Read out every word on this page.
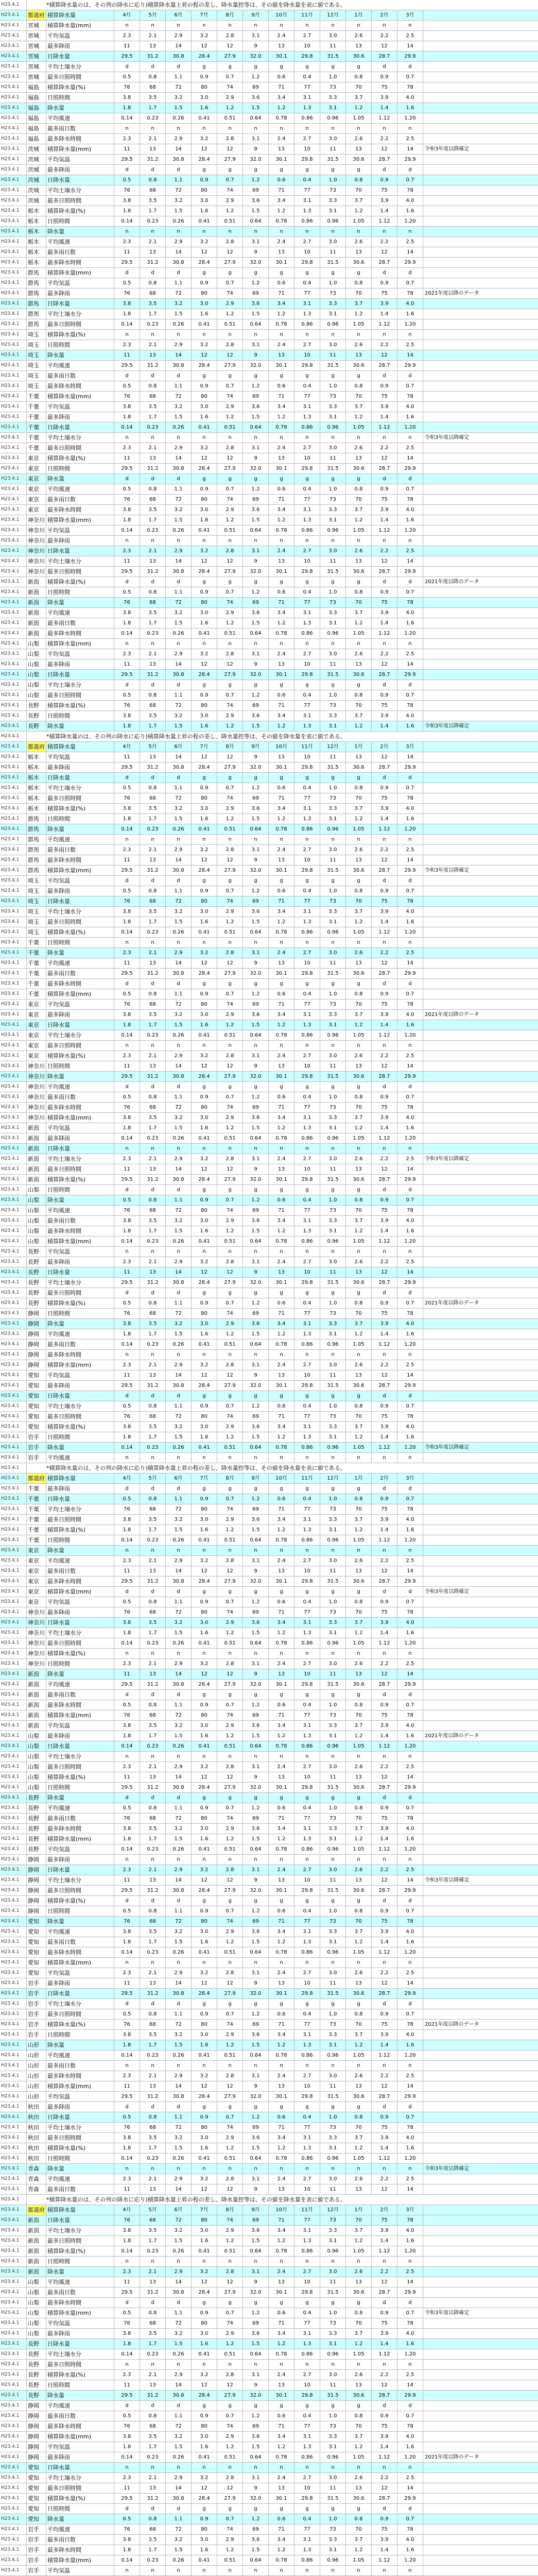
H23.4.1	*積算降水量のは、その列の降水に応り)積算降水量上昇の程の差し、降水量控等は、その値を降水量を表に値である。
H23.4.1	都道府 積算降水量	4月	5月	6月	7月	8月	9月	10月	11月	12月	1月	2月	3月
H23.4.1	宮城	積算降水量(mm)	n	n	n	n	n	n	n	n	n	n	n	n
H23.4.1	宮城	平均気温	2.3	2.1	2.9	3.2	2.8	3.1	2.4	2.7	3.0	2.6	2.2	2.5
H23.4.1	宮城	最多降雨	11	13	14	12	12	9	13	10	11	13	12	14
H23.4.1	宮城	日降水量	29.5	31.2	30.8	28.4	27.9	32.0	30.1	29.8	31.5	30.6	28.7	29.9
H23.4.1	宮城	平均土壌水分	d	d	d	g	g	g	g	g	g	g	d	d
H23.4.1	宮城	最多日照時間	0.5	0.8	1.1	0.9	0.7	1.2	0.6	0.4	1.0	0.8	0.9	0.7
H23.4.1	福島	積算降水量(%)	76	68	72	80	74	69	71	77	73	70	75	78
H23.4.1	福島	日照時間	3.8	3.5	3.2	3.0	2.9	3.6	3.4	3.1	3.3	3.7	3.9	4.0
H23.4.1	福島	降水量	1.8	1.7	1.5	1.6	1.2	1.5	1.2	1.3	3.1	1.2	1.4	1.6
H23.4.1	福島	平均風速	0.14	0.23	0.26	0.41	0.51	0.64	0.78	0.86	0.96	1.05	1.12	1.20
H23.4.1	福島	最多雨日数	n	n	n	n	n	n	n	n	n	n	n	n
H23.4.1	福島	最多降水時間	2.3	2.1	2.9	3.2	2.8	3.1	2.4	2.7	3.0	2.6	2.2	2.5
H23.4.1	茨城	積算降水量(mm)	11	13	14	12	12	9	13	10	11	13	12	14	令和3年度以降確定
H23.4.1	茨城	平均気温	29.5	31.2	30.8	28.4	27.9	32.0	30.1	29.8	31.5	30.6	28.7	29.9
H23.4.1	茨城	最多降雨	d	d	d	g	g	g	g	g	g	g	d	d
H23.4.1	茨城	日降水量	0.5	0.8	1.1	0.9	0.7	1.2	0.6	0.4	1.0	0.8	0.9	0.7
H23.4.1	茨城	平均土壌水分	76	68	72	80	74	69	71	77	73	70	75	78
H23.4.1	茨城	最多日照時間	3.8	3.5	3.2	3.0	2.9	3.6	3.4	3.1	3.3	3.7	3.9	4.0
H23.4.1	栃木	積算降水量(%)	1.8	1.7	1.5	1.6	1.2	1.5	1.2	1.3	3.1	1.2	1.4	1.6
H23.4.1	栃木	日照時間	0.14	0.23	0.26	0.41	0.51	0.64	0.78	0.86	0.96	1.05	1.12	1.20
H23.4.1	栃木	降水量	n	n	n	n	n	n	n	n	n	n	n	n
H23.4.1	栃木	平均風速	2.3	2.1	2.9	3.2	2.8	3.1	2.4	2.7	3.0	2.6	2.2	2.5
H23.4.1	栃木	最多雨日数	11	13	14	12	12	9	13	10	11	13	12	14
H23.4.1	栃木	最多降水時間	29.5	31.2	30.8	28.4	27.9	32.0	30.1	29.8	31.5	30.6	28.7	29.9
H23.4.1	群馬	積算降水量(mm)	d	d	d	g	g	g	g	g	g	g	d	d
H23.4.1	群馬	平均気温	0.5	0.8	1.1	0.9	0.7	1.2	0.6	0.4	1.0	0.8	0.9	0.7
H23.4.1	群馬	最多降雨	76	68	72	80	74	69	71	77	73	70	75	78	2021年度以降のデータ
H23.4.1	群馬	日降水量	3.8	3.5	3.2	3.0	2.9	3.6	3.4	3.1	3.3	3.7	3.9	4.0
H23.4.1	群馬	平均土壌水分	1.8	1.7	1.5	1.6	1.2	1.5	1.2	1.3	3.1	1.2	1.4	1.6
H23.4.1	群馬	最多日照時間	0.14	0.23	0.26	0.41	0.51	0.64	0.78	0.86	0.96	1.05	1.12	1.20
H23.4.1	埼玉	積算降水量(%)	n	n	n	n	n	n	n	n	n	n	n	n
H23.4.1	埼玉	日照時間	2.3	2.1	2.9	3.2	2.8	3.1	2.4	2.7	3.0	2.6	2.2	2.5
H23.4.1	埼玉	降水量	11	13	14	12	12	9	13	10	11	13	12	14
H23.4.1	埼玉	平均風速	29.5	31.2	30.8	28.4	27.9	32.0	30.1	29.8	31.5	30.6	28.7	29.9
H23.4.1	埼玉	最多雨日数	d	d	d	g	g	g	g	g	g	g	d	d
H23.4.1	埼玉	最多降水時間	0.5	0.8	1.1	0.9	0.7	1.2	0.6	0.4	1.0	0.8	0.9	0.7
H23.4.1	千葉	積算降水量(mm)	76	68	72	80	74	69	71	77	73	70	75	78
H23.4.1	千葉	平均気温	3.8	3.5	3.2	3.0	2.9	3.6	3.4	3.1	3.3	3.7	3.9	4.0
H23.4.1	千葉	最多降雨	1.8	1.7	1.5	1.6	1.2	1.5	1.2	1.3	3.1	1.2	1.4	1.6
H23.4.1	千葉	日降水量	0.14	0.23	0.26	0.41	0.51	0.64	0.78	0.86	0.96	1.05	1.12	1.20
H23.4.1	千葉	平均土壌水分	n	n	n	n	n	n	n	n	n	n	n	n	令和3年度以降確定
H23.4.1	千葉	最多日照時間	2.3	2.1	2.9	3.2	2.8	3.1	2.4	2.7	3.0	2.6	2.2	2.5
H23.4.1	東京	積算降水量(%)	11	13	14	12	12	9	13	10	11	13	12	14
H23.4.1	東京	日照時間	29.5	31.2	30.8	28.4	27.9	32.0	30.1	29.8	31.5	30.6	28.7	29.9
H23.4.1	東京	降水量	d	d	d	g	g	g	g	g	g	g	d	d
H23.4.1	東京	平均風速	0.5	0.8	1.1	0.9	0.7	1.2	0.6	0.4	1.0	0.8	0.9	0.7
H23.4.1	東京	最多雨日数	76	68	72	80	74	69	71	77	73	70	75	78
H23.4.1	東京	最多降水時間	3.8	3.5	3.2	3.0	2.9	3.6	3.4	3.1	3.3	3.7	3.9	4.0
H23.4.1	神奈川 積算降水量(mm)	1.8	1.7	1.5	1.6	1.2	1.5	1.2	1.3	3.1	1.2	1.4	1.6
H23.4.1	神奈川 平均気温	0.14	0.23	0.26	0.41	0.51	0.64	0.78	0.86	0.96	1.05	1.12	1.20
H23.4.1	神奈川 最多降雨	n	n	n	n	n	n	n	n	n	n	n	n
H23.4.1	神奈川 日降水量	2.3	2.1	2.9	3.2	2.8	3.1	2.4	2.7	3.0	2.6	2.2	2.5
H23.4.1	神奈川 平均土壌水分	11	13	14	12	12	9	13	10	11	13	12	14
H23.4.1	神奈川 最多日照時間	29.5	31.2	30.8	28.4	27.9	32.0	30.1	29.8	31.5	30.6	28.7	29.9
H23.4.1	新潟	積算降水量(%)	d	d	d	g	g	g	g	g	g	g	d	d	2021年度以降のデータ
H23.4.1	新潟	日照時間	0.5	0.8	1.1	0.9	0.7	1.2	0.6	0.4	1.0	0.8	0.9	0.7
H23.4.1	新潟	降水量	76	68	72	80	74	69	71	77	73	70	75	78
H23.4.1	新潟	平均風速	3.8	3.5	3.2	3.0	2.9	3.6	3.4	3.1	3.3	3.7	3.9	4.0
H23.4.1	新潟	最多雨日数	1.8	1.7	1.5	1.6	1.2	1.5	1.2	1.3	3.1	1.2	1.4	1.6
H23.4.1	新潟	最多降水時間	0.14	0.23	0.26	0.41	0.51	0.64	0.78	0.86	0.96	1.05	1.12	1.20
H23.4.1	山梨	積算降水量(mm)	n	n	n	n	n	n	n	n	n	n	n	n
H23.4.1	山梨	平均気温	2.3	2.1	2.9	3.2	2.8	3.1	2.4	2.7	3.0	2.6	2.2	2.5
H23.4.1	山梨	最多降雨	11	13	14	12	12	9	13	10	11	13	12	14
H23.4.1	山梨	日降水量	29.5	31.2	30.8	28.4	27.9	32.0	30.1	29.8	31.5	30.6	28.7	29.9
H23.4.1	山梨	平均土壌水分	d	d	d	g	g	g	g	g	g	g	d	d
H23.4.1	山梨	最多日照時間	0.5	0.8	1.1	0.9	0.7	1.2	0.6	0.4	1.0	0.8	0.9	0.7
H23.4.1	長野	積算降水量(%)	76	68	72	80	74	69	71	77	73	70	75	78
H23.4.1	長野	日照時間	3.8	3.5	3.2	3.0	2.9	3.6	3.4	3.1	3.3	3.7	3.9	4.0
H23.4.1	長野	降水量	1.8	1.7	1.5	1.6	1.2	1.5	1.2	1.3	3.1	1.2	1.4	1.6	令和3年度以降確定
H23.4.1	*積算降水量のは、その列の降水に応り)積算降水量上昇の程の差し、降水量控等は、その値を降水量を表に値である。
H23.4.1	都道府 積算降水量	4月	5月	6月	7月	8月	9月	10月	11月	12月	1月	2月	3月
H23.4.1	栃木	平均気温	11	13	14	12	12	9	13	10	11	13	12	14
H23.4.1	栃木	最多降雨	29.5	31.2	30.8	28.4	27.9	32.0	30.1	29.8	31.5	30.6	28.7	29.9
H23.4.1	栃木	日降水量	d	d	d	g	g	g	g	g	g	g	d	d
H23.4.1	栃木	平均土壌水分	0.5	0.8	1.1	0.9	0.7	1.2	0.6	0.4	1.0	0.8	0.9	0.7
H23.4.1	栃木	最多日照時間	76	68	72	80	74	69	71	77	73	70	75	78
H23.4.1	栃木	積算降水量(%)	3.8	3.5	3.2	3.0	2.9	3.6	3.4	3.1	3.3	3.7	3.9	4.0
H23.4.1	群馬	日照時間	1.8	1.7	1.5	1.6	1.2	1.5	1.2	1.3	3.1	1.2	1.4	1.6
H23.4.1	群馬	降水量	0.14	0.23	0.26	0.41	0.51	0.64	0.78	0.86	0.96	1.05	1.12	1.20
H23.4.1	群馬	平均風速	n	n	n	n	n	n	n	n	n	n	n	n
H23.4.1	群馬	最多雨日数	2.3	2.1	2.9	3.2	2.8	3.1	2.4	2.7	3.0	2.6	2.2	2.5
H23.4.1	群馬	最多降水時間	11	13	14	12	12	9	13	10	11	13	12	14
H23.4.1	群馬	積算降水量(mm)	29.5	31.2	30.8	28.4	27.9	32.0	30.1	29.8	31.5	30.6	28.7	29.9	令和3年度以降確定
H23.4.1	埼玉	平均気温	d	d	d	g	g	g	g	g	g	g	d	d
H23.4.1	埼玉	最多降雨	0.5	0.8	1.1	0.9	0.7	1.2	0.6	0.4	1.0	0.8	0.9	0.7
H23.4.1	埼玉	日降水量	76	68	72	80	74	69	71	77	73	70	75	78
H23.4.1	埼玉	平均土壌水分	3.8	3.5	3.2	3.0	2.9	3.6	3.4	3.1	3.3	3.7	3.9	4.0
H23.4.1	埼玉	最多日照時間	1.8	1.7	1.5	1.6	1.2	1.5	1.2	1.3	3.1	1.2	1.4	1.6
H23.4.1	埼玉	積算降水量(%)	0.14	0.23	0.26	0.41	0.51	0.64	0.78	0.86	0.96	1.05	1.12	1.20
H23.4.1	千葉	日照時間	n	n	n	n	n	n	n	n	n	n	n	n
H23.4.1	千葉	降水量	2.3	2.1	2.9	3.2	2.8	3.1	2.4	2.7	3.0	2.6	2.2	2.5
H23.4.1	千葉	平均風速	11	13	14	12	12	9	13	10	11	13	12	14
H23.4.1	千葉	最多雨日数	29.5	31.2	30.8	28.4	27.9	32.0	30.1	29.8	31.5	30.6	28.7	29.9
H23.4.1	千葉	最多降水時間	d	d	d	g	g	g	g	g	g	g	d	d
H23.4.1	千葉	積算降水量(mm)	0.5	0.8	1.1	0.9	0.7	1.2	0.6	0.4	1.0	0.8	0.9	0.7
H23.4.1	東京	平均気温	76	68	72	80	74	69	71	77	73	70	75	78
H23.4.1	東京	最多降雨	3.8	3.5	3.2	3.0	2.9	3.6	3.4	3.1	3.3	3.7	3.9	4.0	2021年度以降のデータ
H23.4.1	東京	日降水量	1.8	1.7	1.5	1.6	1.2	1.5	1.2	1.3	3.1	1.2	1.4	1.6
H23.4.1	東京	平均土壌水分	0.14	0.23	0.26	0.41	0.51	0.64	0.78	0.86	0.96	1.05	1.12	1.20
H23.4.1	東京	最多日照時間	n	n	n	n	n	n	n	n	n	n	n	n
H23.4.1	東京	積算降水量(%)	2.3	2.1	2.9	3.2	2.8	3.1	2.4	2.7	3.0	2.6	2.2	2.5
H23.4.1	神奈川 日照時間	11	13	14	12	12	9	13	10	11	13	12	14
H23.4.1	神奈川 降水量	29.5	31.2	30.8	28.4	27.9	32.0	30.1	29.8	31.5	30.6	28.7	29.9
H23.4.1	神奈川 平均風速	d	d	d	g	g	g	g	g	g	g	d	d
H23.4.1	神奈川 最多雨日数	0.5	0.8	1.1	0.9	0.7	1.2	0.6	0.4	1.0	0.8	0.9	0.7
H23.4.1	神奈川 最多降水時間	76	68	72	80	74	69	71	77	73	70	75	78
H23.4.1	神奈川 積算降水量(mm)	3.8	3.5	3.2	3.0	2.9	3.6	3.4	3.1	3.3	3.7	3.9	4.0
H23.4.1	新潟	平均気温	1.8	1.7	1.5	1.6	1.2	1.5	1.2	1.3	3.1	1.2	1.4	1.6
H23.4.1	新潟	最多降雨	0.14	0.23	0.26	0.41	0.51	0.64	0.78	0.86	0.96	1.05	1.12	1.20
H23.4.1	新潟	日降水量	n	n	n	n	n	n	n	n	n	n	n	n
H23.4.1	新潟	平均土壌水分	2.3	2.1	2.9	3.2	2.8	3.1	2.4	2.7	3.0	2.6	2.2	2.5	令和3年度以降確定
H23.4.1	新潟	最多日照時間	11	13	14	12	12	9	13	10	11	13	12	14
H23.4.1	新潟	積算降水量(%)	29.5	31.2	30.8	28.4	27.9	32.0	30.1	29.8	31.5	30.6	28.7	29.9
H23.4.1	山梨	日照時間	d	d	d	g	g	g	g	g	g	g	d	d
H23.4.1	山梨	降水量	0.5	0.8	1.1	0.9	0.7	1.2	0.6	0.4	1.0	0.8	0.9	0.7
H23.4.1	山梨	平均風速	76	68	72	80	74	69	71	77	73	70	75	78
H23.4.1	山梨	最多雨日数	3.8	3.5	3.2	3.0	2.9	3.6	3.4	3.1	3.3	3.7	3.9	4.0
H23.4.1	山梨	最多降水時間	1.8	1.7	1.5	1.6	1.2	1.5	1.2	1.3	3.1	1.2	1.4	1.6
H23.4.1	山梨	積算降水量(mm)	0.14	0.23	0.26	0.41	0.51	0.64	0.78	0.86	0.96	1.05	1.12	1.20
H23.4.1	長野	平均気温	n	n	n	n	n	n	n	n	n	n	n	n
H23.4.1	長野	最多降雨	2.3	2.1	2.9	3.2	2.8	3.1	2.4	2.7	3.0	2.6	2.2	2.5
H23.4.1	長野	日降水量	11	13	14	12	12	9	13	10	11	13	12	14
H23.4.1	長野	平均土壌水分	29.5	31.2	30.8	28.4	27.9	32.0	30.1	29.8	31.5	30.6	28.7	29.9
H23.4.1	長野	最多日照時間	d	d	d	g	g	g	g	g	g	g	d	d
H23.4.1	長野	積算降水量(%)	0.5	0.8	1.1	0.9	0.7	1.2	0.6	0.4	1.0	0.8	0.9	0.7	2021年度以降のデータ
H23.4.1	静岡	日照時間	76	68	72	80	74	69	71	77	73	70	75	78
H23.4.1	静岡	降水量	3.8	3.5	3.2	3.0	2.9	3.6	3.4	3.1	3.3	3.7	3.9	4.0
H23.4.1	静岡	平均風速	1.8	1.7	1.5	1.6	1.2	1.5	1.2	1.3	3.1	1.2	1.4	1.6
H23.4.1	静岡	最多雨日数	0.14	0.23	0.26	0.41	0.51	0.64	0.78	0.86	0.96	1.05	1.12	1.20
H23.4.1	静岡	最多降水時間	n	n	n	n	n	n	n	n	n	n	n	n
H23.4.1	静岡	積算降水量(mm)	2.3	2.1	2.9	3.2	2.8	3.1	2.4	2.7	3.0	2.6	2.2	2.5
H23.4.1	愛知	平均気温	11	13	14	12	12	9	13	10	11	13	12	14
H23.4.1	愛知	最多降雨	29.5	31.2	30.8	28.4	27.9	32.0	30.1	29.8	31.5	30.6	28.7	29.9
H23.4.1	愛知	日降水量	d	d	d	g	g	g	g	g	g	g	d	d
H23.4.1	愛知	平均土壌水分	0.5	0.8	1.1	0.9	0.7	1.2	0.6	0.4	1.0	0.8	0.9	0.7
H23.4.1	愛知	最多日照時間	76	68	72	80	74	69	71	77	73	70	75	78
H23.4.1	愛知	積算降水量(%)	3.8	3.5	3.2	3.0	2.9	3.6	3.4	3.1	3.3	3.7	3.9	4.0
H23.4.1	岩手	日照時間	1.8	1.7	1.5	1.6	1.2	1.5	1.2	1.3	3.1	1.2	1.4	1.6
H23.4.1	岩手	降水量	0.14	0.23	0.26	0.41	0.51	0.64	0.78	0.86	0.96	1.05	1.12	1.20	令和3年度以降確定
H23.4.1	岩手	平均風速	n	n	n	n	n	n	n	n	n	n	n	n
H23.4.1	*積算降水量のは、その列の降水に応り)積算降水量上昇の程の差し、降水量控等は、その値を降水量を表に値である。
H23.4.1	都道府 積算降水量	4月	5月	6月	7月	8月	9月	10月	11月	12月	1月	2月	3月
H23.4.1	千葉	最多降雨	d	d	d	g	g	g	g	g	g	g	d	d
H23.4.1	千葉	日降水量	0.5	0.8	1.1	0.9	0.7	1.2	0.6	0.4	1.0	0.8	0.9	0.7
H23.4.1	千葉	平均土壌水分	76	68	72	80	74	69	71	77	73	70	75	78
H23.4.1	千葉	最多日照時間	3.8	3.5	3.2	3.0	2.9	3.6	3.4	3.1	3.3	3.7	3.9	4.0
H23.4.1	千葉	積算降水量(%)	1.8	1.7	1.5	1.6	1.2	1.5	1.2	1.3	3.1	1.2	1.4	1.6
H23.4.1	千葉	日照時間	0.14	0.23	0.26	0.41	0.51	0.64	0.78	0.86	0.96	1.05	1.12	1.20
H23.4.1	東京	降水量	n	n	n	n	n	n	n	n	n	n	n	n
H23.4.1	東京	平均風速	2.3	2.1	2.9	3.2	2.8	3.1	2.4	2.7	3.0	2.6	2.2	2.5
H23.4.1	東京	最多雨日数	11	13	14	12	12	9	13	10	11	13	12	14
H23.4.1	東京	最多降水時間	29.5	31.2	30.8	28.4	27.9	32.0	30.1	29.8	31.5	30.6	28.7	29.9
H23.4.1	東京	積算降水量(mm)	d	d	d	g	g	g	g	g	g	g	d	d	令和3年度以降確定
H23.4.1	東京	平均気温	0.5	0.8	1.1	0.9	0.7	1.2	0.6	0.4	1.0	0.8	0.9	0.7
H23.4.1	神奈川 最多降雨	76	68	72	80	74	69	71	77	73	70	75	78
H23.4.1	神奈川 日降水量	3.8	3.5	3.2	3.0	2.9	3.6	3.4	3.1	3.3	3.7	3.9	4.0
H23.4.1	神奈川 平均土壌水分	1.8	1.7	1.5	1.6	1.2	1.5	1.2	1.3	3.1	1.2	1.4	1.6
H23.4.1	神奈川 最多日照時間	0.14	0.23	0.26	0.41	0.51	0.64	0.78	0.86	0.96	1.05	1.12	1.20
H23.4.1	神奈川 積算降水量(%)	n	n	n	n	n	n	n	n	n	n	n	n
H23.4.1	神奈川 日照時間	2.3	2.1	2.9	3.2	2.8	3.1	2.4	2.7	3.0	2.6	2.2	2.5
H23.4.1	新潟	降水量	11	13	14	12	12	9	13	10	11	13	12	14
H23.4.1	新潟	平均風速	29.5	31.2	30.8	28.4	27.9	32.0	30.1	29.8	31.5	30.6	28.7	29.9
H23.4.1	新潟	最多雨日数	d	d	d	g	g	g	g	g	g	g	d	d
H23.4.1	新潟	最多降水時間	0.5	0.8	1.1	0.9	0.7	1.2	0.6	0.4	1.0	0.8	0.9	0.7
H23.4.1	新潟	積算降水量(mm)	76	68	72	80	74	69	71	77	73	70	75	78
H23.4.1	新潟	平均気温	3.8	3.5	3.2	3.0	2.9	3.6	3.4	3.1	3.3	3.7	3.9	4.0
H23.4.1	山梨	最多降雨	1.8	1.7	1.5	1.6	1.2	1.5	1.2	1.3	3.1	1.2	1.4	1.6	2021年度以降のデータ
H23.4.1	山梨	日降水量	0.14	0.23	0.26	0.41	0.51	0.64	0.78	0.86	0.96	1.05	1.12	1.20
H23.4.1	山梨	平均土壌水分	n	n	n	n	n	n	n	n	n	n	n	n
H23.4.1	山梨	最多日照時間	2.3	2.1	2.9	3.2	2.8	3.1	2.4	2.7	3.0	2.6	2.2	2.5
H23.4.1	山梨	積算降水量(%)	11	13	14	12	12	9	13	10	11	13	12	14
H23.4.1	山梨	日照時間	29.5	31.2	30.8	28.4	27.9	32.0	30.1	29.8	31.5	30.6	28.7	29.9
H23.4.1	長野	降水量	d	d	d	g	g	g	g	g	g	g	d	d
H23.4.1	長野	平均風速	0.5	0.8	1.1	0.9	0.7	1.2	0.6	0.4	1.0	0.8	0.9	0.7
H23.4.1	長野	最多雨日数	76	68	72	80	74	69	71	77	73	70	75	78
H23.4.1	長野	最多降水時間	3.8	3.5	3.2	3.0	2.9	3.6	3.4	3.1	3.3	3.7	3.9	4.0
H23.4.1	長野	積算降水量(mm)	1.8	1.7	1.5	1.6	1.2	1.5	1.2	1.3	3.1	1.2	1.4	1.6
H23.4.1	長野	平均気温	0.14	0.23	0.26	0.41	0.51	0.64	0.78	0.86	0.96	1.05	1.12	1.20
H23.4.1	静岡	最多降雨	n	n	n	n	n	n	n	n	n	n	n	n
H23.4.1	静岡	日降水量	2.3	2.1	2.9	3.2	2.8	3.1	2.4	2.7	3.0	2.6	2.2	2.5
H23.4.1	静岡	平均土壌水分	11	13	14	12	12	9	13	10	11	13	12	14	令和3年度以降確定
H23.4.1	静岡	最多日照時間	29.5	31.2	30.8	28.4	27.9	32.0	30.1	29.8	31.5	30.6	28.7	29.9
H23.4.1	静岡	積算降水量(%)	d	d	d	g	g	g	g	g	g	g	d	d
H23.4.1	静岡	日照時間	0.5	0.8	1.1	0.9	0.7	1.2	0.6	0.4	1.0	0.8	0.9	0.7
H23.4.1	愛知	降水量	76	68	72	80	74	69	71	77	73	70	75	78
H23.4.1	愛知	平均風速	3.8	3.5	3.2	3.0	2.9	3.6	3.4	3.1	3.3	3.7	3.9	4.0
H23.4.1	愛知	最多雨日数	1.8	1.7	1.5	1.6	1.2	1.5	1.2	1.3	3.1	1.2	1.4	1.6
H23.4.1	愛知	最多降水時間	0.14	0.23	0.26	0.41	0.51	0.64	0.78	0.86	0.96	1.05	1.12	1.20
H23.4.1	愛知	積算降水量(mm)	n	n	n	n	n	n	n	n	n	n	n	n
H23.4.1	愛知	平均気温	2.3	2.1	2.9	3.2	2.8	3.1	2.4	2.7	3.0	2.6	2.2	2.5
H23.4.1	岩手	最多降雨	11	13	14	12	12	9	13	10	11	13	12	14
H23.4.1	岩手	日降水量	29.5	31.2	30.8	28.4	27.9	32.0	30.1	29.8	31.5	30.6	28.7	29.9
H23.4.1	岩手	平均土壌水分	d	d	d	g	g	g	g	g	g	g	d	d
H23.4.1	岩手	最多日照時間	0.5	0.8	1.1	0.9	0.7	1.2	0.6	0.4	1.0	0.8	0.9	0.7
H23.4.1	岩手	積算降水量(%)	76	68	72	80	74	69	71	77	73	70	75	78	2021年度以降のデータ
H23.4.1	岩手	日照時間	3.8	3.5	3.2	3.0	2.9	3.6	3.4	3.1	3.3	3.7	3.9	4.0
H23.4.1	山形	降水量	1.8	1.7	1.5	1.6	1.2	1.5	1.2	1.3	3.1	1.2	1.4	1.6
H23.4.1	山形	平均風速	0.14	0.23	0.26	0.41	0.51	0.64	0.78	0.86	0.96	1.05	1.12	1.20
H23.4.1	山形	最多雨日数	n	n	n	n	n	n	n	n	n	n	n	n
H23.4.1	山形	最多降水時間	2.3	2.1	2.9	3.2	2.8	3.1	2.4	2.7	3.0	2.6	2.2	2.5
H23.4.1	山形	積算降水量(mm)	11	13	14	12	12	9	13	10	11	13	12	14
H23.4.1	山形	平均気温	29.5	31.2	30.8	28.4	27.9	32.0	30.1	29.8	31.5	30.6	28.7	29.9
H23.4.1	秋田	最多降雨	d	d	d	g	g	g	g	g	g	g	d	d
H23.4.1	秋田	日降水量	0.5	0.8	1.1	0.9	0.7	1.2	0.6	0.4	1.0	0.8	0.9	0.7
H23.4.1	秋田	平均土壌水分	76	68	72	80	74	69	71	77	73	70	75	78
H23.4.1	秋田	最多日照時間	3.8	3.5	3.2	3.0	2.9	3.6	3.4	3.1	3.3	3.7	3.9	4.0
H23.4.1	秋田	積算降水量(%)	1.8	1.7	1.5	1.6	1.2	1.5	1.2	1.3	3.1	1.2	1.4	1.6
H23.4.1	秋田	日照時間	0.14	0.23	0.26	0.41	0.51	0.64	0.78	0.86	0.96	1.05	1.12	1.20
H23.4.1	青森	降水量	n	n	n	n	n	n	n	n	n	n	n	n	令和3年度以降確定
H23.4.1	青森	平均風速	2.3	2.1	2.9	3.2	2.8	3.1	2.4	2.7	3.0	2.6	2.2	2.5
H23.4.1	青森	最多雨日数	11	13	14	12	12	9	13	10	11	13	12	14
H23.4.1	*積算降水量のは、その列の降水に応り)積算降水量上昇の程の差し、降水量控等は、その値を降水量を表に値である。
H23.4.1	都道府 積算降水量	4月	5月	6月	7月	8月	9月	10月	11月	12月	1月	2月	3月
H23.4.1	新潟	日降水量	76	68	72	80	74	69	71	77	73	70	75	78
H23.4.1	新潟	平均土壌水分	3.8	3.5	3.2	3.0	2.9	3.6	3.4	3.1	3.3	3.7	3.9	4.0
H23.4.1	新潟	最多日照時間	1.8	1.7	1.5	1.6	1.2	1.5	1.2	1.3	3.1	1.2	1.4	1.6
H23.4.1	新潟	積算降水量(%)	0.14	0.23	0.26	0.41	0.51	0.64	0.78	0.86	0.96	1.05	1.12	1.20
H23.4.1	新潟	日照時間	n	n	n	n	n	n	n	n	n	n	n	n
H23.4.1	新潟	降水量	2.3	2.1	2.9	3.2	2.8	3.1	2.4	2.7	3.0	2.6	2.2	2.5
H23.4.1	山梨	平均風速	11	13	14	12	12	9	13	10	11	13	12	14
H23.4.1	山梨	最多雨日数	29.5	31.2	30.8	28.4	27.9	32.0	30.1	29.8	31.5	30.6	28.7	29.9
H23.4.1	山梨	最多降水時間	d	d	d	g	g	g	g	g	g	g	d	d
H23.4.1	山梨	積算降水量(mm)	0.5	0.8	1.1	0.9	0.7	1.2	0.6	0.4	1.0	0.8	0.9	0.7	令和3年度以降確定
H23.4.1	山梨	平均気温	76	68	72	80	74	69	71	77	73	70	75	78
H23.4.1	山梨	最多降雨	3.8	3.5	3.2	3.0	2.9	3.6	3.4	3.1	3.3	3.7	3.9	4.0
H23.4.1	長野	日降水量	1.8	1.7	1.5	1.6	1.2	1.5	1.2	1.3	3.1	1.2	1.4	1.6
H23.4.1	長野	平均土壌水分	0.14	0.23	0.26	0.41	0.51	0.64	0.78	0.86	0.96	1.05	1.12	1.20
H23.4.1	長野	最多日照時間	n	n	n	n	n	n	n	n	n	n	n	n
H23.4.1	長野	積算降水量(%)	2.3	2.1	2.9	3.2	2.8	3.1	2.4	2.7	3.0	2.6	2.2	2.5
H23.4.1	長野	日照時間	11	13	14	12	12	9	13	10	11	13	12	14
H23.4.1	長野	降水量	29.5	31.2	30.8	28.4	27.9	32.0	30.1	29.8	31.5	30.6	28.7	29.9
H23.4.1	静岡	平均風速	d	d	d	g	g	g	g	g	g	g	d	d
H23.4.1	静岡	最多雨日数	0.5	0.8	1.1	0.9	0.7	1.2	0.6	0.4	1.0	0.8	0.9	0.7
H23.4.1	静岡	最多降水時間	76	68	72	80	74	69	71	77	73	70	75	78
H23.4.1	静岡	積算降水量(mm)	3.8	3.5	3.2	3.0	2.9	3.6	3.4	3.1	3.3	3.7	3.9	4.0
H23.4.1	静岡	平均気温	1.8	1.7	1.5	1.6	1.2	1.5	1.2	1.3	3.1	1.2	1.4	1.6
H23.4.1	静岡	最多降雨	0.14	0.23	0.26	0.41	0.51	0.64	0.78	0.86	0.96	1.05	1.12	1.20	2021年度以降のデータ
H23.4.1	愛知	日降水量	n	n	n	n	n	n	n	n	n	n	n	n
H23.4.1	愛知	平均土壌水分	2.3	2.1	2.9	3.2	2.8	3.1	2.4	2.7	3.0	2.6	2.2	2.5
H23.4.1	愛知	最多日照時間	11	13	14	12	12	9	13	10	11	13	12	14
H23.4.1	愛知	積算降水量(%)	29.5	31.2	30.8	28.4	27.9	32.0	30.1	29.8	31.5	30.6	28.7	29.9
H23.4.1	愛知	日照時間	d	d	d	g	g	g	g	g	g	g	d	d
H23.4.1	愛知	降水量	0.5	0.8	1.1	0.9	0.7	1.2	0.6	0.4	1.0	0.8	0.9	0.7
H23.4.1	岩手	平均風速	76	68	72	80	74	69	71	77	73	70	75	78
H23.4.1	岩手	最多雨日数	3.8	3.5	3.2	3.0	2.9	3.6	3.4	3.1	3.3	3.7	3.9	4.0
H23.4.1	岩手	最多降水時間	1.8	1.7	1.5	1.6	1.2	1.5	1.2	1.3	3.1	1.2	1.4	1.6
H23.4.1	岩手	積算降水量(mm)	0.14	0.23	0.26	0.41	0.51	0.64	0.78	0.86	0.96	1.05	1.12	1.20
H23.4.1	岩手	平均気温	n	n	n	n	n	n	n	n	n	n	n	n
